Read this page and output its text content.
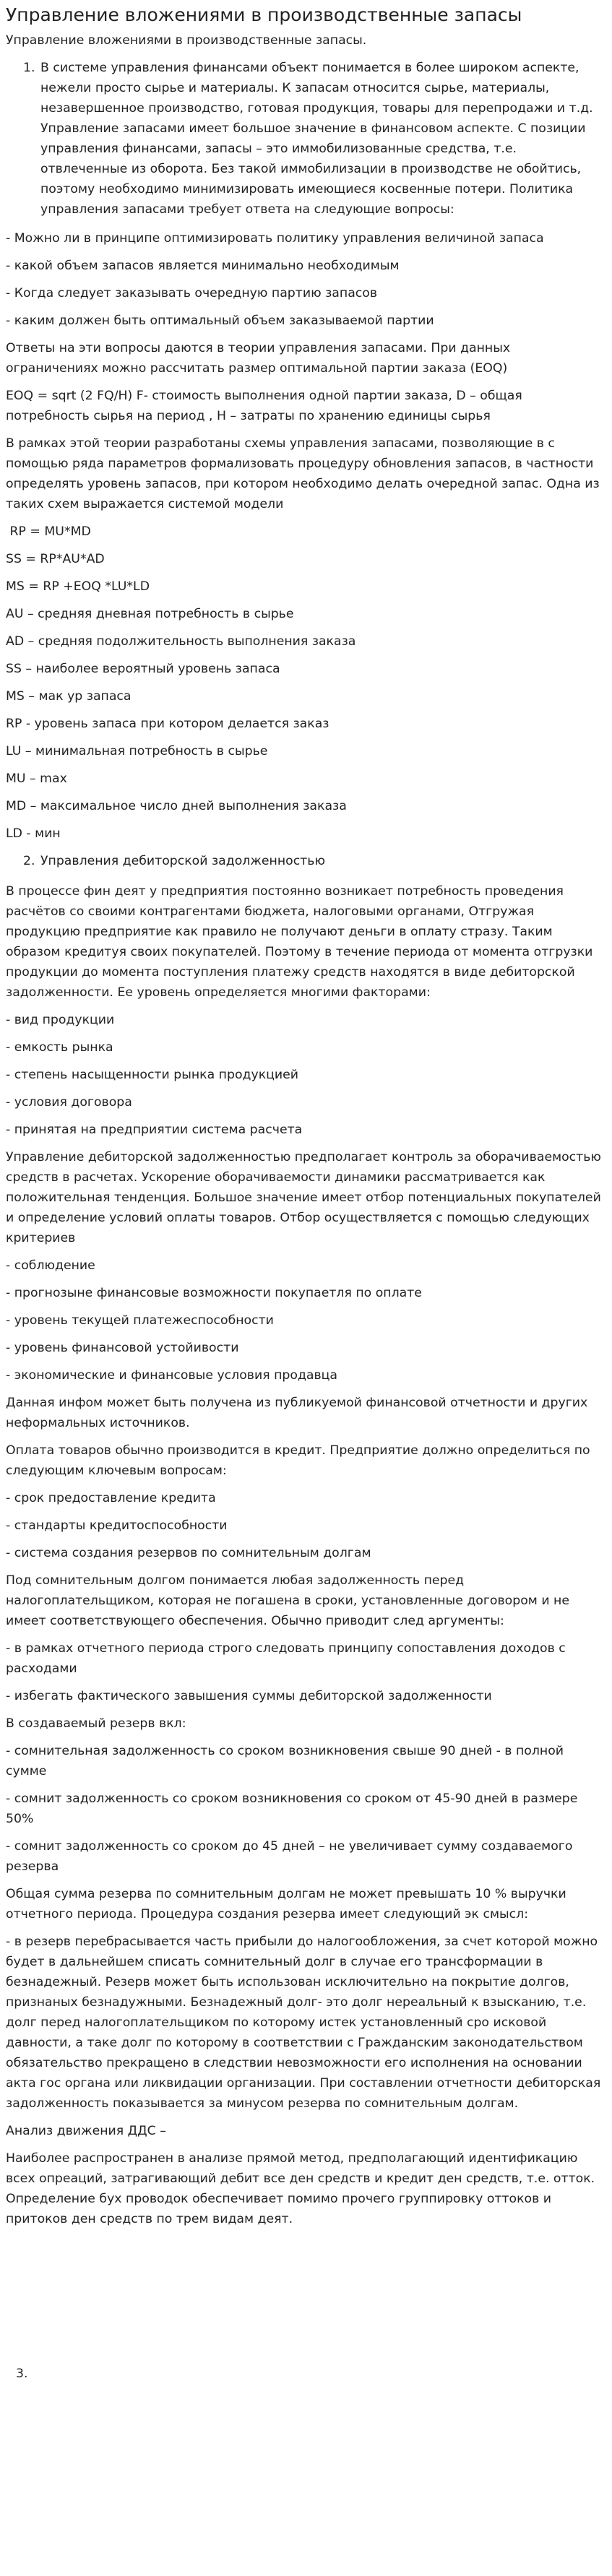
Управление вложениями в производственные запасы

Управление вложениями в производственные запасы.

1. В системе управления финансами объект понимается в более широком аспекте, нежели просто сырье и материалы. К запасам относится сырье, материалы, незавершенное производство, готовая продукция, товары для перепродажи и т.д. Управление запасами имеет большое значение в финансовом аспекте. С позиции управления финансами, запасы – это иммобилизованные средства, т.е. отвлеченные из оборота. Без такой иммобилизации в производстве не обойтись, поэтому необходимо минимизировать имеющиеся косвенные потери. Политика управления запасами требует ответа на следующие вопросы:

- Можно ли в принципе оптимизировать политику управления величиной запаса

- какой объем запасов является минимально необходимым

- Когда следует заказывать очередную партию запасов

- каким должен быть оптимальный объем заказываемой партии

Ответы на эти вопросы даются в теории управления запасами. При данных ограничениях можно рассчитать размер оптимальной партии заказа (EOQ)

EOQ = sqrt (2 FQ/H) F- стоимость выполнения одной партии заказа, D – общая потребность сырья на период , H – затраты по хранению единицы сырья

В рамках этой теории разработаны схемы управления запасами, позволяющие в с помощью ряда параметров формализовать процедуру обновления запасов, в частности определять уровень запасов, при котором необходимо делать очередной запас. Одна из таких схем выражается системой модели

RP = MU*MD

SS = RP*AU*AD

MS = RP +EOQ *LU*LD

AU – средняя дневная потребность в сырье

AD – средняя подолжительность выполнения заказа

SS – наиболее вероятный уровень запаса

MS – мак ур запаса

RP - уровень запаса при котором делается заказ

LU – минимальная потребность в сырье

MU – max

MD – максимальное число дней выполнения заказа

LD - мин

2. Управления дебиторской задолженностью

В процессе фин деят у предприятия постоянно возникает потребность проведения расчётов со своими контрагентами бюджета, налоговыми органами, Отгружая продукцию предприятие как правило не получают деньги в оплату стразу. Таким образом кредитуя своих покупателей. Поэтому в течение периода от момента отгрузки продукции до момента поступления платежу средств находятся в виде дебиторской задолженности. Ее уровень определяется многими факторами:

- вид продукции

- емкость рынка

- степень насыщенности рынка продукцией

- условия договора

- принятая на предприятии система расчета

Управление дебиторской задолженностью предполагает контроль за оборачиваемостью средств в расчетах. Ускорение оборачиваемости динамики рассматривается как положительная тенденция. Большое значение имеет отбор потенциальных покупателей и определение условий оплаты товаров. Отбор осуществляется с помощью следующих критериев

- соблюдение

- прогнозыне финансовые возможности покупаетля по оплате

- уровень текущей платежеспособности

- уровень финансовой устойивости

- экономические и финансовые условия продавца

Данная инфом может быть получена из публикуемой финансовой отчетности и других неформальных источников.

Оплата товаров обычно производится в кредит. Предприятие должно определиться по следующим ключевым вопросам:

- срок предоставление кредита

- стандарты кредитоспособности

- система создания резервов по сомнительным долгам

Под сомнительным долгом понимается любая задолженность перед налогоплательщиком, которая не погашена в сроки, установленные договором и не имеет соответствующего обеспечения. Обычно приводит след аргументы:

- в рамках отчетного периода строго следовать принципу сопоставления доходов с расходами

- избегать фактического завышения суммы дебиторской задолженности

В создаваемый резерв вкл:

- сомнительная задолженность со сроком возникновения свыше 90 дней - в полной сумме

- сомнит задолженность со сроком возникновения со сроком от 45-90 дней в размере 50%

- сомнит задолженность со сроком до 45 дней – не увеличивает сумму создаваемого резерва

Общая сумма резерва по сомнительным долгам не может превышать 10 % выручки отчетного периода. Процедура создания резерва имеет следующий эк смысл:

- в резерв перебрасывается часть прибыли до налогообложения, за счет которой можно будет в дальнейшем списать сомнительный долг в случае его трансформации в безнадежный. Резерв может быть использован исключительно на покрытие долгов, признаных безнадужными. Безнадежный долг- это долг нереальный к взысканию, т.е. долг перед налогоплательщиком по которому истек установленный сро исковой давности, а таке долг по которому в соответствии с Гражданским законодательством обязательство прекращено в следствии невозможности его исполнения на основании акта гос органа или ликвидации организации. При составлении отчетности дебиторская задолженность показывается за минусом резерва по сомнительным долгам.

Анализ движения ДДС –

Наиболее распространен в анализе прямой метод, предполагающий идентификацию всех опреаций, затрагивающий дебит все ден средств и кредит ден средств, т.е. отток. Определение бух проводок обеспечивает помимо прочего группировку оттоков и притоков ден средств по трем видам деят.

3.
